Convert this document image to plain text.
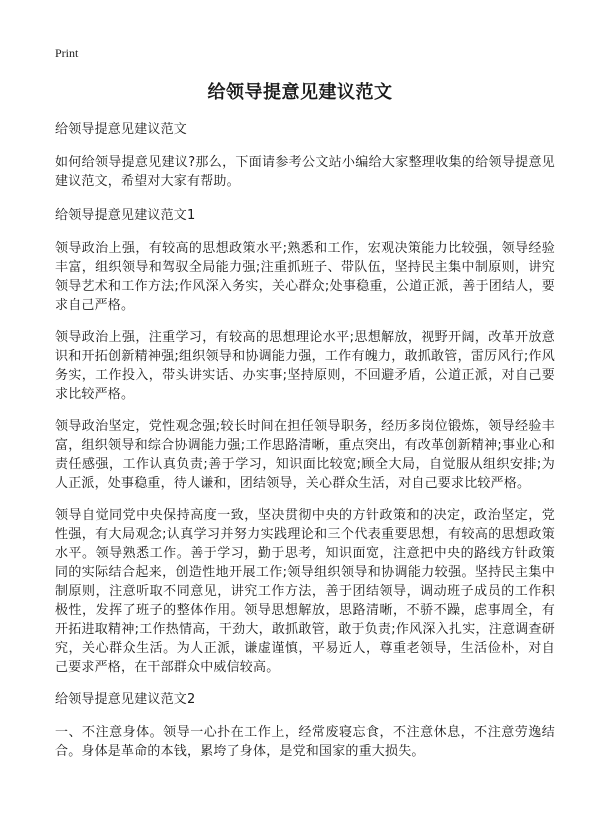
Print
给领导提意见建议范文

给领导提意见建议范文

如何给领导提意见建议?那么，下面请参考公文站小编给大家整理收集的给领导提意见建议范文，希望对大家有帮助。

给领导提意见建议范文1

领导政治上强，有较高的思想政策水平;熟悉和工作，宏观决策能力比较强，领导经验丰富，组织领导和驾驭全局能力强;注重抓班子、带队伍，坚持民主集中制原则，讲究领导艺术和工作方法;作风深入务实，关心群众;处事稳重，公道正派，善于团结人，要求自己严格。

领导政治上强，注重学习，有较高的思想理论水平;思想解放，视野开阔，改革开放意识和开拓创新精神强;组织领导和协调能力强，工作有魄力，敢抓敢管，雷厉风行;作风务实，工作投入，带头讲实话、办实事;坚持原则，不回避矛盾，公道正派，对自己要求比较严格。

领导政治坚定，党性观念强;较长时间在担任领导职务，经历多岗位锻炼，领导经验丰富，组织领导和综合协调能力强;工作思路清晰，重点突出，有改革创新精神;事业心和责任感强，工作认真负责;善于学习，知识面比较宽;顾全大局，自觉服从组织安排;为人正派，处事稳重，待人谦和，团结领导，关心群众生活，对自己要求比较严格。

领导自觉同党中央保持高度一致，坚决贯彻中央的方针政策和的决定，政治坚定，党性强，有大局观念;认真学习并努力实践理论和三个代表重要思想，有较高的思想政策水平。领导熟悉工作。善于学习，勤于思考，知识面宽，注意把中央的路线方针政策同的实际结合起来，创造性地开展工作;领导组织领导和协调能力较强。坚持民主集中制原则，注意听取不同意见，讲究工作方法，善于团结领导，调动班子成员的工作积极性，发挥了班子的整体作用。领导思想解放，思路清晰，不骄不躁，虑事周全，有开拓进取精神;工作热情高，干劲大，敢抓敢管，敢于负责;作风深入扎实，注意调查研究，关心群众生活。为人正派，谦虚谨慎，平易近人，尊重老领导，生活俭朴，对自己要求严格，在干部群众中威信较高。

给领导提意见建议范文2

一、不注意身体。领导一心扑在工作上，经常废寝忘食，不注意休息，不注意劳逸结合。身体是革命的本钱，累垮了身体，是党和国家的重大损失。
